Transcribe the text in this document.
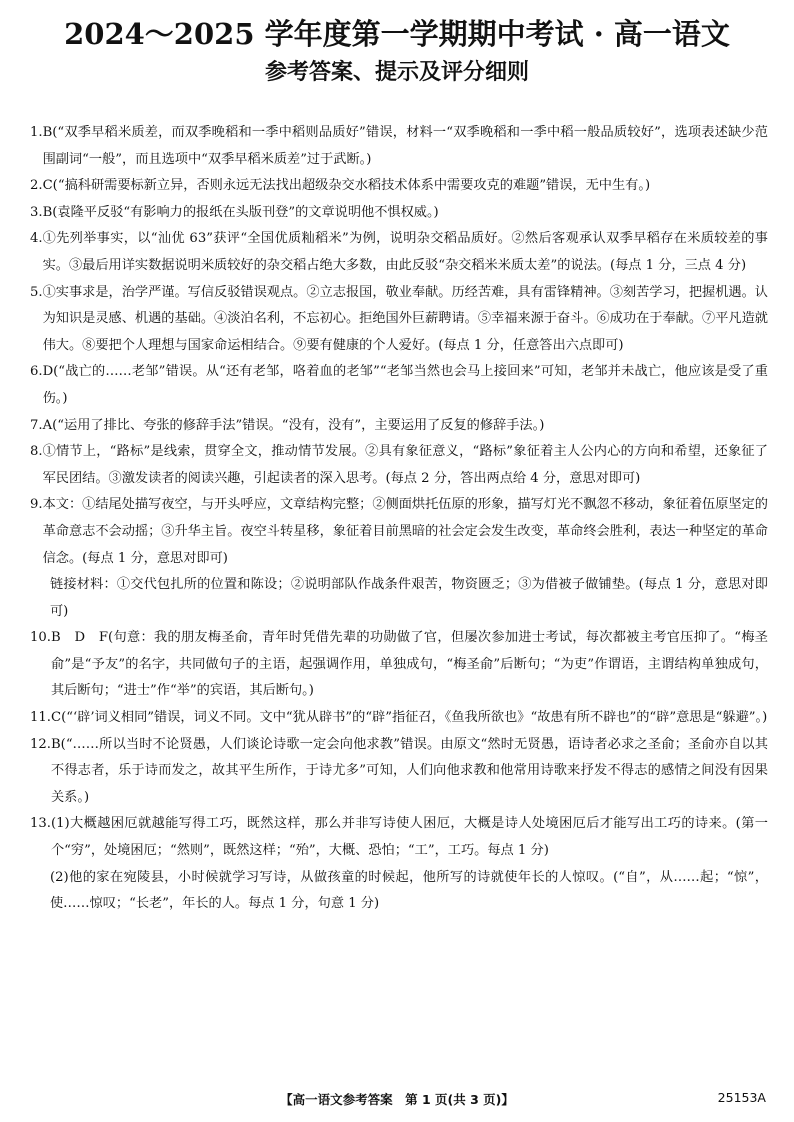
2024～2025 学年度第一学期期中考试 · 高一语文
参考答案、提示及评分细则
1. B(“双季早稻米质差，而双季晚稻和一季中稻则品质好”错误，材料一“双季晚稻和一季中稻一般品质较好”，选项表述缺少范围副词“一般”，而且选项中“双季早稻米质差”过于武断。)
2. C(“搞科研需要标新立异，否则永远无法找出超级杂交水稻技术体系中需要攻克的难题”错误，无中生有。)
3. B(袁隆平反驳“有影响力的报纸在头版刊登”的文章说明他不惧权威。)
4. ①先列举事实，以“汕优 63”获评“全国优质籼稻米”为例，说明杂交稻品质好。②然后客观承认双季早稻存在米质较差的事实。③最后用详实数据说明米质较好的杂交稻占绝大多数，由此反驳“杂交稻米米质太差”的说法。(每点 1 分，三点 4 分)
5. ①实事求是，治学严谨。写信反驳错误观点。②立志报国，敬业奉献。历经苦难，具有雷锋精神。③刻苦学习，把握机遇。认为知识是灵感、机遇的基础。④淡泊名利，不忘初心。拒绝国外巨薪聘请。⑤幸福来源于奋斗。⑥成功在于奉献。⑦平凡造就伟大。⑧要把个人理想与国家命运相结合。⑨要有健康的个人爱好。(每点 1 分，任意答出六点即可)
6. D(“战亡的……老邹”错误。从“还有老邹，咯着血的老邹”“老邹当然也会马上接回来”可知，老邹并未战亡，他应该是受了重伤。)
7. A(“运用了排比、夸张的修辞手法”错误。“没有，没有”，主要运用了反复的修辞手法。)
8. ①情节上，“路标”是线索，贯穿全文，推动情节发展。②具有象征意义，“路标”象征着主人公内心的方向和希望，还象征了军民团结。③激发读者的阅读兴趣，引起读者的深入思考。(每点 2 分，答出两点给 4 分，意思对即可)
9. 本文：①结尾处描写夜空，与开头呼应，文章结构完整；②侧面烘托伍原的形象，描写灯光不飘忽不移动，象征着伍原坚定的革命意志不会动摇；③升华主旨。夜空斗转星移，象征着目前黑暗的社会定会发生改变，革命终会胜利，表达一种坚定的革命信念。(每点 1 分，意思对即可)
链接材料：①交代包扎所的位置和陈设；②说明部队作战条件艰苦，物资匮乏；③为借被子做铺垫。(每点 1 分，意思对即可)
10. B　D　F(句意：我的朋友梅圣俞，青年时凭借先辈的功勋做了官，但屡次参加进士考试，每次都被主考官压抑了。“梅圣俞”是“予友”的名字，共同做句子的主语，起强调作用，单独成句，“梅圣俞”后断句；“为吏”作谓语，主谓结构单独成句，其后断句；“进士”作“举”的宾语，其后断句。)
11. C(“‘辟’词义相同”错误，词义不同。文中“犹从辟书”的“辟”指征召，《鱼我所欲也》“故患有所不辟也”的“辟”意思是“躲避”。)
12. B(“……所以当时不论贤愚，人们谈论诗歌一定会向他求教”错误。由原文“然时无贤愚，语诗者必求之圣俞；圣俞亦自以其不得志者，乐于诗而发之，故其平生所作，于诗尤多”可知，人们向他求教和他常用诗歌来抒发不得志的感情之间没有因果关系。)
13. (1)大概越困厄就越能写得工巧，既然这样，那么并非写诗使人困厄，大概是诗人处境困厄后才能写出工巧的诗来。(第一个“穷”，处境困厄；“然则”，既然这样；“殆”，大概、恐怕；“工”，工巧。每点 1 分)
(2)他的家在宛陵县，小时候就学习写诗，从做孩童的时候起，他所写的诗就使年长的人惊叹。(“自”，从……起；“惊”，使……惊叹；“长老”，年长的人。每点 1 分，句意 1 分)
【高一语文参考答案　第 1 页(共 3 页)】	25153A
